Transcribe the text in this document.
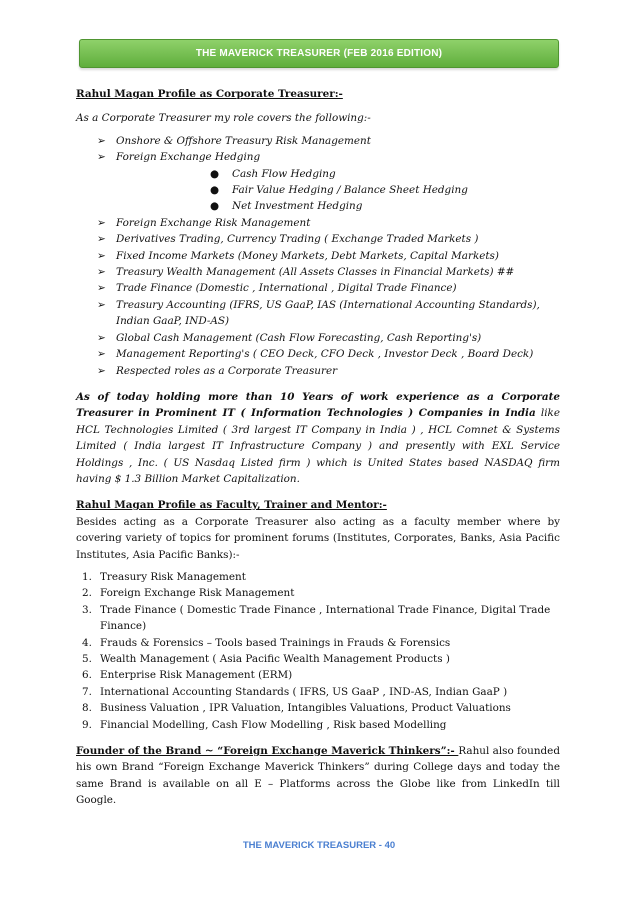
THE MAVERICK TREASURER (FEB 2016 EDITION)

Rahul Magan Profile as Corporate Treasurer:-

As a Corporate Treasurer my role covers the following:-

➢ Onshore & Offshore Treasury Risk Management
➢ Foreign Exchange Hedging
● Cash Flow Hedging
● Fair Value Hedging / Balance Sheet Hedging
● Net Investment Hedging
➢ Foreign Exchange Risk Management
➢ Derivatives Trading, Currency Trading ( Exchange Traded Markets )
➢ Fixed Income Markets (Money Markets, Debt Markets, Capital Markets)
➢ Treasury Wealth Management (All Assets Classes in Financial Markets) ##
➢ Trade Finance (Domestic , International , Digital Trade Finance)
➢ Treasury Accounting (IFRS, US GaaP, IAS (International Accounting Standards), Indian GaaP, IND-AS)
➢ Global Cash Management (Cash Flow Forecasting, Cash Reporting's)
➢ Management Reporting's ( CEO Deck, CFO Deck , Investor Deck , Board Deck)
➢ Respected roles as a Corporate Treasurer

As of today holding more than 10 Years of work experience as a Corporate Treasurer in Prominent IT ( Information Technologies ) Companies in India like HCL Technologies Limited ( 3rd largest IT Company in India ) , HCL Comnet & Systems Limited ( India largest IT Infrastructure Company ) and presently with EXL Service Holdings , Inc. ( US Nasdaq Listed firm ) which is United States based NASDAQ firm having $ 1.3 Billion Market Capitalization.

Rahul Magan Profile as Faculty, Trainer and Mentor:-

Besides acting as a Corporate Treasurer also acting as a faculty member where by covering variety of topics for prominent forums (Institutes, Corporates, Banks, Asia Pacific Institutes, Asia Pacific Banks):-

1. Treasury Risk Management
2. Foreign Exchange Risk Management
3. Trade Finance ( Domestic Trade Finance , International Trade Finance, Digital Trade Finance)
4. Frauds & Forensics – Tools based Trainings in Frauds & Forensics
5. Wealth Management ( Asia Pacific Wealth Management Products )
6. Enterprise Risk Management (ERM)
7. International Accounting Standards ( IFRS, US GaaP , IND-AS, Indian GaaP )
8. Business Valuation , IPR Valuation, Intangibles Valuations, Product Valuations
9. Financial Modelling, Cash Flow Modelling , Risk based Modelling

Founder of the Brand ~ “Foreign Exchange Maverick Thinkers”:- Rahul also founded his own Brand “Foreign Exchange Maverick Thinkers” during College days and today the same Brand is available on all E – Platforms across the Globe like from LinkedIn till Google.

THE MAVERICK TREASURER - 40
